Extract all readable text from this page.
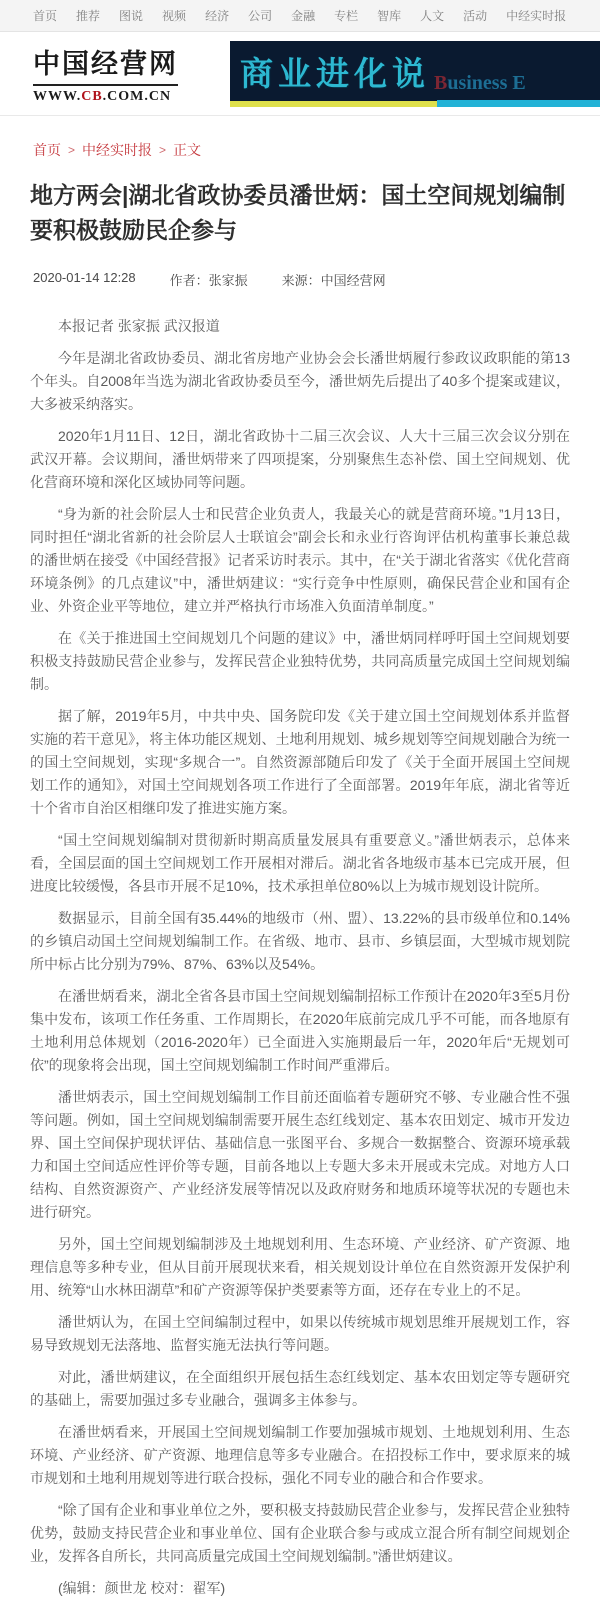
首页 推荐 图说 视频 经济 公司 金融 专栏 智库 人文 活动 中经实时报
中国经营网
WWW.CB.COM.CN
商业进化说 Business E
首页 > 中经实时报 > 正文
地方两会|湖北省政协委员潘世炳：国土空间规划编制要积极鼓励民企参与
2020-01-14 12:28	作者：张家振	来源：中国经营网

本报记者 张家振 武汉报道

今年是湖北省政协委员、湖北省房地产业协会会长潘世炳履行参政议政职能的第13个年头。自2008年当选为湖北省政协委员至今，潘世炳先后提出了40多个提案或建议，大多被采纳落实。

2020年1月11日、12日，湖北省政协十二届三次会议、人大十三届三次会议分别在武汉开幕。会议期间，潘世炳带来了四项提案，分别聚焦生态补偿、国土空间规划、优化营商环境和深化区域协同等问题。

“身为新的社会阶层人士和民营企业负责人，我最关心的就是营商环境。”1月13日，同时担任“湖北省新的社会阶层人士联谊会”副会长和永业行咨询评估机构董事长兼总裁的潘世炳在接受《中国经营报》记者采访时表示。其中，在“关于湖北省落实《优化营商环境条例》的几点建议”中，潘世炳建议：“实行竞争中性原则，确保民营企业和国有企业、外资企业平等地位，建立并严格执行市场准入负面清单制度。”

在《关于推进国土空间规划几个问题的建议》中，潘世炳同样呼吁国土空间规划要积极支持鼓励民营企业参与，发挥民营企业独特优势，共同高质量完成国土空间规划编制。

据了解，2019年5月，中共中央、国务院印发《关于建立国土空间规划体系并监督实施的若干意见》，将主体功能区规划、土地利用规划、城乡规划等空间规划融合为统一的国土空间规划，实现“多规合一”。自然资源部随后印发了《关于全面开展国土空间规划工作的通知》，对国土空间规划各项工作进行了全面部署。2019年年底，湖北省等近十个省市自治区相继印发了推进实施方案。

“国土空间规划编制对贯彻新时期高质量发展具有重要意义。”潘世炳表示，总体来看，全国层面的国土空间规划工作开展相对滞后。湖北省各地级市基本已完成开展，但进度比较缓慢，各县市开展不足10%，技术承担单位80%以上为城市规划设计院所。

数据显示，目前全国有35.44%的地级市（州、盟）、13.22%的县市级单位和0.14%的乡镇启动国土空间规划编制工作。在省级、地市、县市、乡镇层面，大型城市规划院所中标占比分别为79%、87%、63%以及54%。

在潘世炳看来，湖北全省各县市国土空间规划编制招标工作预计在2020年3至5月份集中发布，该项工作任务重、工作周期长，在2020年底前完成几乎不可能，而各地原有土地利用总体规划（2016-2020年）已全面进入实施期最后一年，2020年后“无规划可依”的现象将会出现，国土空间规划编制工作时间严重滞后。

潘世炳表示，国土空间规划编制工作目前还面临着专题研究不够、专业融合性不强等问题。例如，国土空间规划编制需要开展生态红线划定、基本农田划定、城市开发边界、国土空间保护现状评估、基础信息一张图平台、多规合一数据整合、资源环境承载力和国土空间适应性评价等专题，目前各地以上专题大多未开展或未完成。对地方人口结构、自然资源资产、产业经济发展等情况以及政府财务和地质环境等状况的专题也未进行研究。

另外，国土空间规划编制涉及土地规划利用、生态环境、产业经济、矿产资源、地理信息等多种专业，但从目前开展现状来看，相关规划设计单位在自然资源开发保护利用、统筹“山水林田湖草”和矿产资源等保护类要素等方面，还存在专业上的不足。

潘世炳认为，在国土空间编制过程中，如果以传统城市规划思维开展规划工作，容易导致规划无法落地、监督实施无法执行等问题。

对此，潘世炳建议，在全面组织开展包括生态红线划定、基本农田划定等专题研究的基础上，需要加强过多专业融合，强调多主体参与。

在潘世炳看来，开展国土空间规划编制工作要加强城市规划、土地规划利用、生态环境、产业经济、矿产资源、地理信息等多专业融合。在招投标工作中，要求原来的城市规划和土地利用规划等进行联合投标，强化不同专业的融合和合作要求。

“除了国有企业和事业单位之外，要积极支持鼓励民营企业参与，发挥民营企业独特优势，鼓励支持民营企业和事业单位、国有企业联合参与或成立混合所有制空间规划企业，发挥各自所长，共同高质量完成国土空间规划编制。”潘世炳建议。

(编辑：颜世龙 校对：翟军)
